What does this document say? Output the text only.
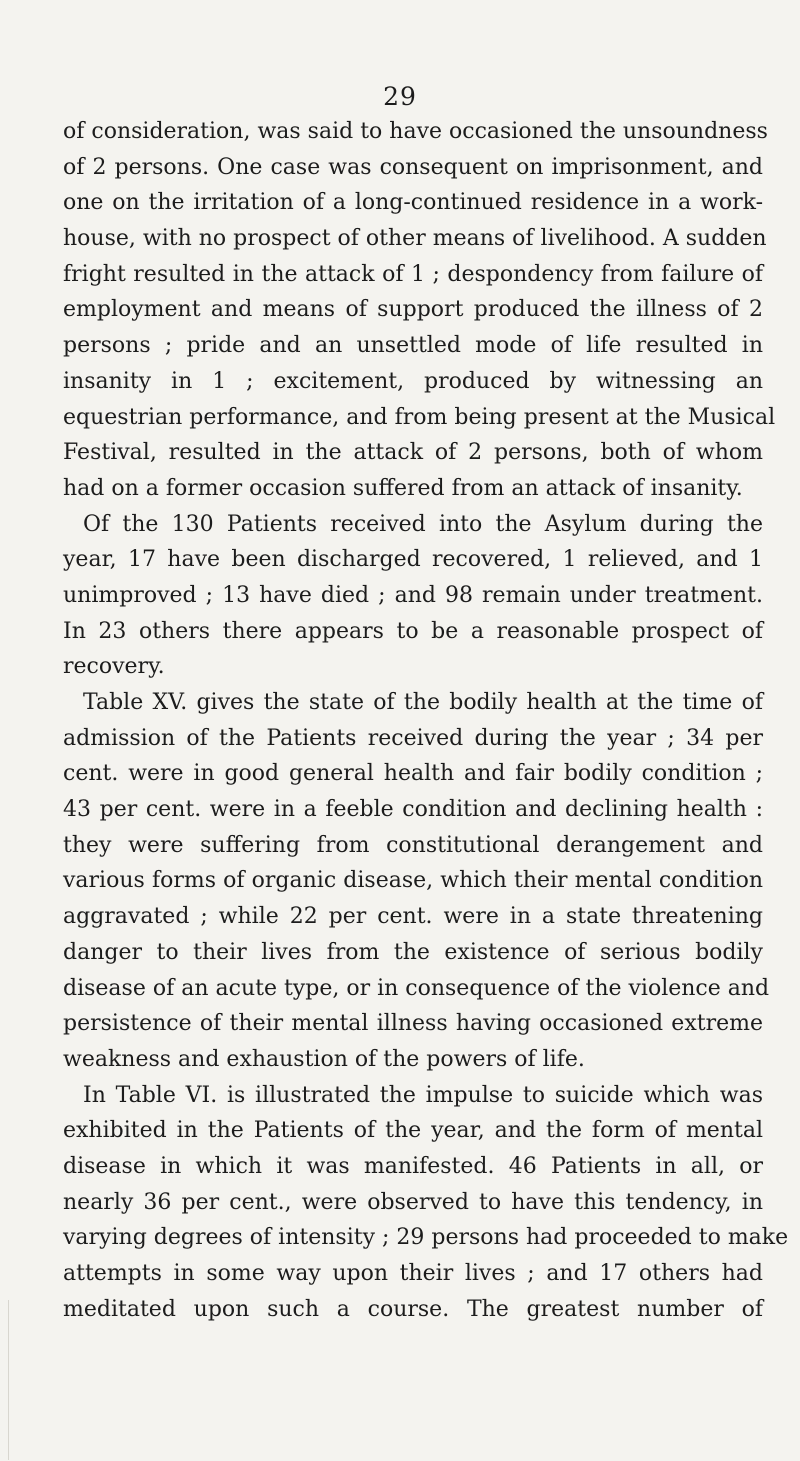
29
of consideration, was said to have occasioned the unsoundness
of 2 persons. One case was consequent on imprisonment, and
one on the irritation of a long-continued residence in a work-
house, with no prospect of other means of livelihood. A sudden
fright resulted in the attack of 1 ; despondency from failure of
employment and means of support produced the illness of 2
persons ; pride and an unsettled mode of life resulted in
insanity in 1 ; excitement, produced by witnessing an
equestrian performance, and from being present at the Musical
Festival, resulted in the attack of 2 persons, both of whom
had on a former occasion suffered from an attack of insanity.
Of the 130 Patients received into the Asylum during the
year, 17 have been discharged recovered, 1 relieved, and 1
unimproved ; 13 have died ; and 98 remain under treatment.
In 23 others there appears to be a reasonable prospect of
recovery.
Table XV. gives the state of the bodily health at the time of
admission of the Patients received during the year ; 34 per
cent. were in good general health and fair bodily condition ;
43 per cent. were in a feeble condition and declining health :
they were suffering from constitutional derangement and
various forms of organic disease, which their mental condition
aggravated ; while 22 per cent. were in a state threatening
danger to their lives from the existence of serious bodily
disease of an acute type, or in consequence of the violence and
persistence of their mental illness having occasioned extreme
weakness and exhaustion of the powers of life.
In Table VI. is illustrated the impulse to suicide which was
exhibited in the Patients of the year, and the form of mental
disease in which it was manifested. 46 Patients in all, or
nearly 36 per cent., were observed to have this tendency, in
varying degrees of intensity ; 29 persons had proceeded to make
attempts in some way upon their lives ; and 17 others had
meditated upon such a course. The greatest number of
